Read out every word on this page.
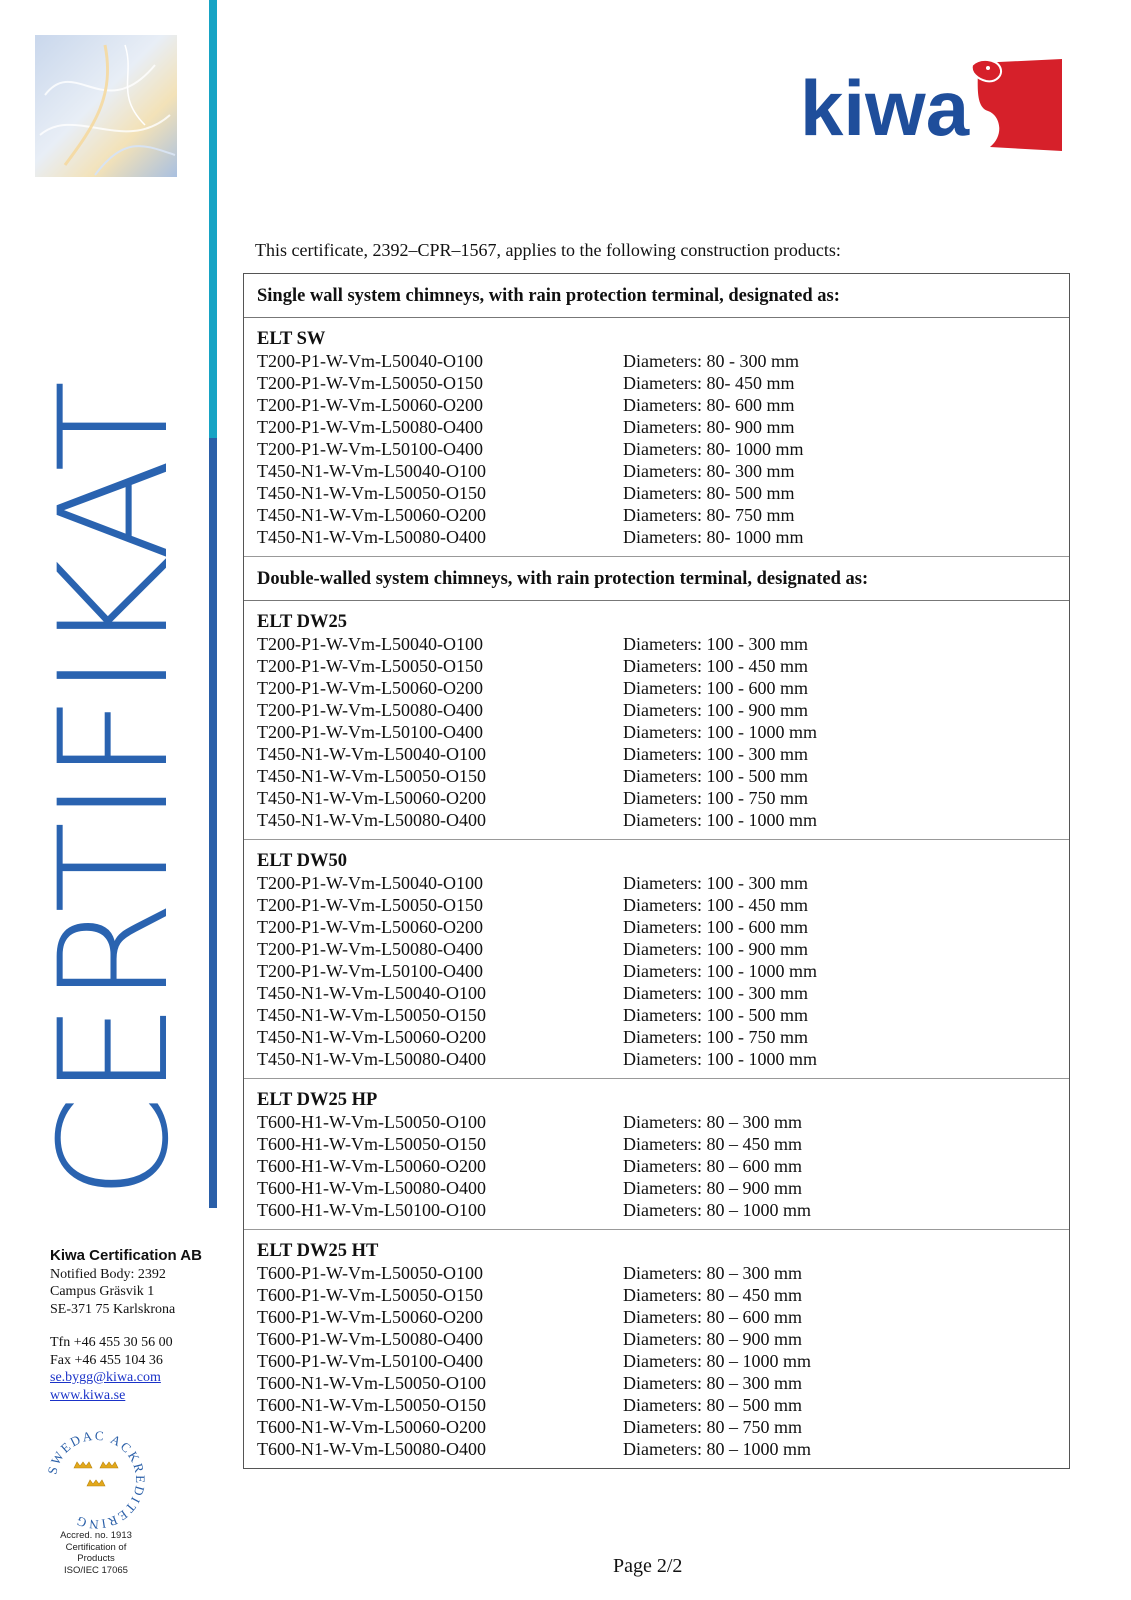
CERTIFIKAT
kiwa
This certificate, 2392–CPR–1567, applies to the following construction products:
Single wall system chimneys, with rain protection terminal, designated as:
ELT SW
T200-P1-W-Vm-L50040-O100	Diameters: 80 - 300 mm
T200-P1-W-Vm-L50050-O150	Diameters: 80- 450 mm
T200-P1-W-Vm-L50060-O200	Diameters: 80- 600 mm
T200-P1-W-Vm-L50080-O400	Diameters: 80- 900 mm
T200-P1-W-Vm-L50100-O400	Diameters: 80- 1000 mm
T450-N1-W-Vm-L50040-O100	Diameters: 80- 300 mm
T450-N1-W-Vm-L50050-O150	Diameters: 80- 500 mm
T450-N1-W-Vm-L50060-O200	Diameters: 80- 750 mm
T450-N1-W-Vm-L50080-O400	Diameters: 80- 1000 mm
Double-walled system chimneys, with rain protection terminal, designated as:
ELT DW25
T200-P1-W-Vm-L50040-O100	Diameters: 100 - 300 mm
T200-P1-W-Vm-L50050-O150	Diameters: 100 - 450 mm
T200-P1-W-Vm-L50060-O200	Diameters: 100 - 600 mm
T200-P1-W-Vm-L50080-O400	Diameters: 100 - 900 mm
T200-P1-W-Vm-L50100-O400	Diameters: 100 - 1000 mm
T450-N1-W-Vm-L50040-O100	Diameters: 100 - 300 mm
T450-N1-W-Vm-L50050-O150	Diameters: 100 - 500 mm
T450-N1-W-Vm-L50060-O200	Diameters: 100 - 750 mm
T450-N1-W-Vm-L50080-O400	Diameters: 100 - 1000 mm
ELT DW50
T200-P1-W-Vm-L50040-O100	Diameters: 100 - 300 mm
T200-P1-W-Vm-L50050-O150	Diameters: 100 - 450 mm
T200-P1-W-Vm-L50060-O200	Diameters: 100 - 600 mm
T200-P1-W-Vm-L50080-O400	Diameters: 100 - 900 mm
T200-P1-W-Vm-L50100-O400	Diameters: 100 - 1000 mm
T450-N1-W-Vm-L50040-O100	Diameters: 100 - 300 mm
T450-N1-W-Vm-L50050-O150	Diameters: 100 - 500 mm
T450-N1-W-Vm-L50060-O200	Diameters: 100 - 750 mm
T450-N1-W-Vm-L50080-O400	Diameters: 100 - 1000 mm
ELT DW25 HP
T600-H1-W-Vm-L50050-O100	Diameters: 80 – 300 mm
T600-H1-W-Vm-L50050-O150	Diameters: 80 – 450 mm
T600-H1-W-Vm-L50060-O200	Diameters: 80 – 600 mm
T600-H1-W-Vm-L50080-O400	Diameters: 80 – 900 mm
T600-H1-W-Vm-L50100-O100	Diameters: 80 – 1000 mm
ELT DW25 HT
T600-P1-W-Vm-L50050-O100	Diameters: 80 – 300 mm
T600-P1-W-Vm-L50050-O150	Diameters: 80 – 450 mm
T600-P1-W-Vm-L50060-O200	Diameters: 80 – 600 mm
T600-P1-W-Vm-L50080-O400	Diameters: 80 – 900 mm
T600-P1-W-Vm-L50100-O400	Diameters: 80 – 1000 mm
T600-N1-W-Vm-L50050-O100	Diameters: 80 – 300 mm
T600-N1-W-Vm-L50050-O150	Diameters: 80 – 500 mm
T600-N1-W-Vm-L50060-O200	Diameters: 80 – 750 mm
T600-N1-W-Vm-L50080-O400	Diameters: 80 – 1000 mm
Kiwa Certification AB
Notified Body: 2392
Campus Gräsvik 1
SE-371 75 Karlskrona
Tfn +46 455 30 56 00
Fax +46 455 104 36
se.bygg@kiwa.com
www.kiwa.se
SWEDAC ACKREDITERING
Accred. no. 1913
Certification of
Products
ISO/IEC 17065	Page 2/2
